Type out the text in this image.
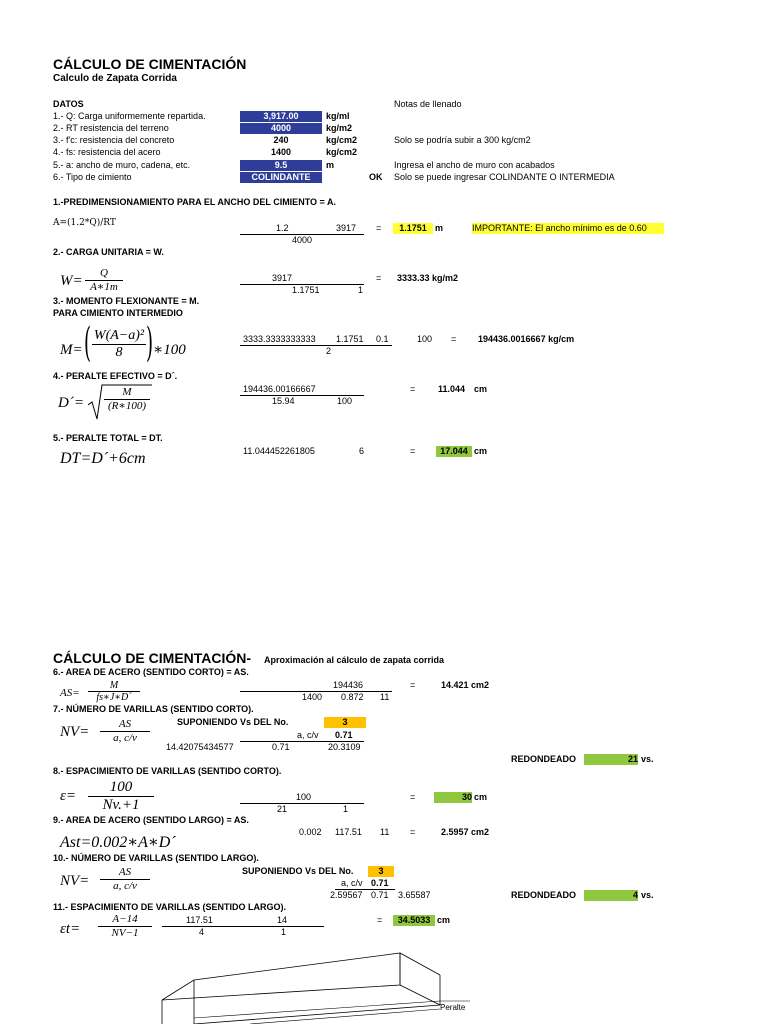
CÁLCULO DE CIMENTACIÓN
Calculo de Zapata Corrida
DATOS	Notas de llenado
1.- Q: Carga uniformemente repartida.	3,917.00	kg/ml
2.- RT resistencia del terreno	4000	kg/m2
3.- f'c: resistencia del concreto	240	kg/cm2	Solo se podría subir a 300 kg/cm2
4.- fs: resistencia del acero	1400	kg/cm2
5.- a: ancho de muro, cadena, etc.	9.5	m	Ingresa el ancho de muro con acabados
6.- Tipo de cimiento	COLINDANTE	OK Solo se puede ingresar COLINDANTE O INTERMEDIA
1.-PREDIMENSIONAMIENTO PARA EL ANCHO DEL CIMIENTO = A.
A=(1.2*Q)/RT	1.2	3917
4000
=	1.1751 m	IMPORTANTE: El ancho mínimo es de 0.60
2.- CARGA UNITARIA = W.
W= Q
A∗1m
3917
1.1751	1
= 3333.33 kg/m2
3.- MOMENTO FLEXIONANTE = M.
PARA CIMIENTO INTERMEDIO
M= ( W(A−a)²
8 ) ∗100
3333.3333333333 1.1751 0.1
2
100 = 194436.0016667 kg/cm
4.- PERALTE EFECTIVO = D´.
D´=
M
(R∗100)
194436.00166667
15.94	100
=	11.044 cm
5.- PERALTE TOTAL = DT.
DT=D´+6cm	11.044452261805	6	=	17.044 cm
CÁLCULO DE CIMENTACIÓN- Aproximación al cálculo de zapata corrida
6.- AREA DE ACERO (SENTIDO CORTO) = AS.
AS=
M
fs∗J∗D´
194436
1400 0.872 11
=	14.421 cm2
7.- NÚMERO DE VARILLAS (SENTIDO CORTO).
NV=	AS
a, c/v
SUPONIENDO Vs DEL No.	3
a, c/v 0.71
14.42075434577	0.71	20.3109
REDONDEADO	21 vs.
8.- ESPACIMIENTO DE VARILLAS (SENTIDO CORTO).
ε=
100
Nv.+1	100
21	1
=	30 cm
9.- AREA DE ACERO (SENTIDO LARGO) = AS.
Ast=0.002∗A∗D´
0.002 117.51 11 =	2.5957 cm2
10.- NÚMERO DE VARILLAS (SENTIDO LARGO).
NV=
AS
a, c/v
SUPONIENDO Vs DEL No.	3
a, c/v 0.71
2.59567 0.71 3.65587	REDONDEADO	4 vs.
11.- ESPACIMIENTO DE VARILLAS (SENTIDO LARGO).
εt=
A−14
NV−1
117.51	14
4	1
=	34.5033 cm
Peralte
